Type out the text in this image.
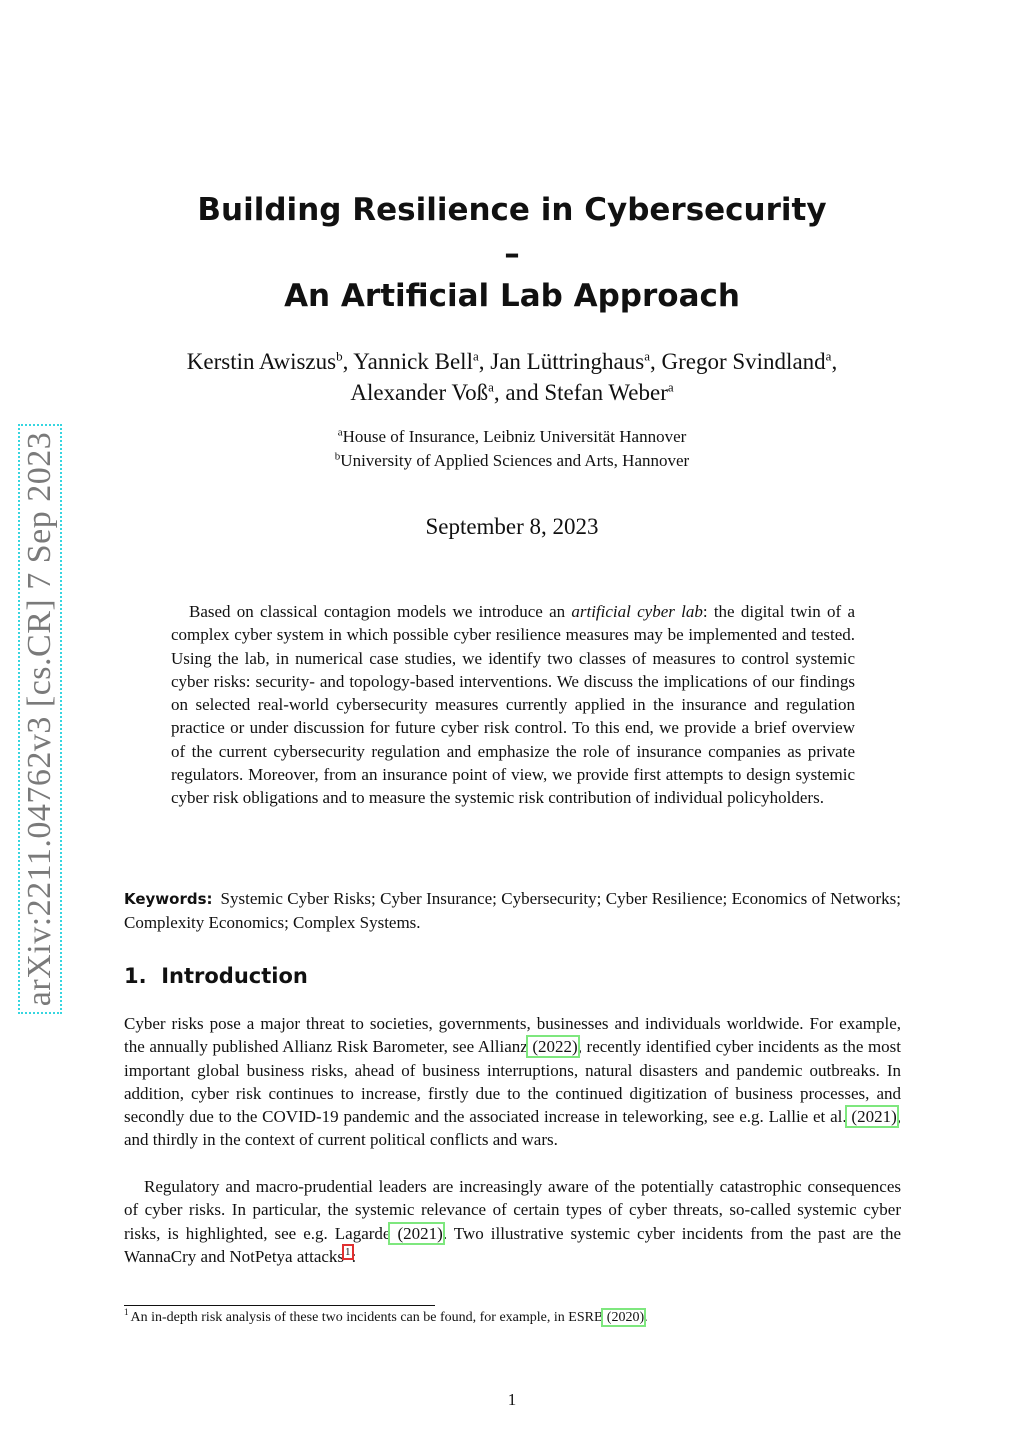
arXiv:2211.04762v3 [cs.CR] 7 Sep 2023
Building Resilience in Cybersecurity
–
An Artificial Lab Approach
Kerstin Awiszus$^b$, Yannick Bell$^a$, Jan Lüttringhaus$^a$, Gregor Svindland$^a$,
Alexander Voß$^a$, and Stefan Weber$^a$
$^a$House of Insurance, Leibniz Universität Hannover
$^b$University of Applied Sciences and Arts, Hannover
September 8, 2023

Based on classical contagion models we introduce an artificial cyber lab: the digital twin of a complex cyber system in which possible cyber resilience measures may be implemented and tested. Using the lab, in numerical case studies, we identify two classes of measures to control systemic cyber risks: security- and topology-based interventions. We discuss the implications of our findings on selected real-world cybersecurity measures currently applied in the insurance and regulation practice or under discussion for future cyber risk control. To this end, we provide a brief overview of the current cybersecurity regulation and emphasize the role of insurance companies as private regulators. Moreover, from an insurance point of view, we provide first attempts to design systemic cyber risk obligations and to measure the systemic risk contribution of individual policyholders.

Keywords: Systemic Cyber Risks; Cyber Insurance; Cybersecurity; Cyber Resilience; Economics of Networks; Complexity Economics; Complex Systems.

1.  Introduction

Cyber risks pose a major threat to societies, governments, businesses and individuals worldwide. For example, the annually published Allianz Risk Barometer, see Allianz (2022), recently identified cyber incidents as the most important global business risks, ahead of business interruptions, natural disasters and pandemic outbreaks. In addition, cyber risk continues to increase, firstly due to the continued digitization of business processes, and secondly due to the COVID-19 pandemic and the associated increase in teleworking, see e.g. Lallie et al. (2021), and thirdly in the context of current political conflicts and wars.

Regulatory and macro-prudential leaders are increasingly aware of the potentially catastrophic consequences of cyber risks. In particular, the systemic relevance of certain types of cyber threats, so-called systemic cyber risks, is highlighted, see e.g. Lagarde (2021). Two illustrative systemic cyber incidents from the past are the WannaCry and NotPetya attacks$^1$:

$^1$ An in-depth risk analysis of these two incidents can be found, for example, in ESRB (2020).

1
